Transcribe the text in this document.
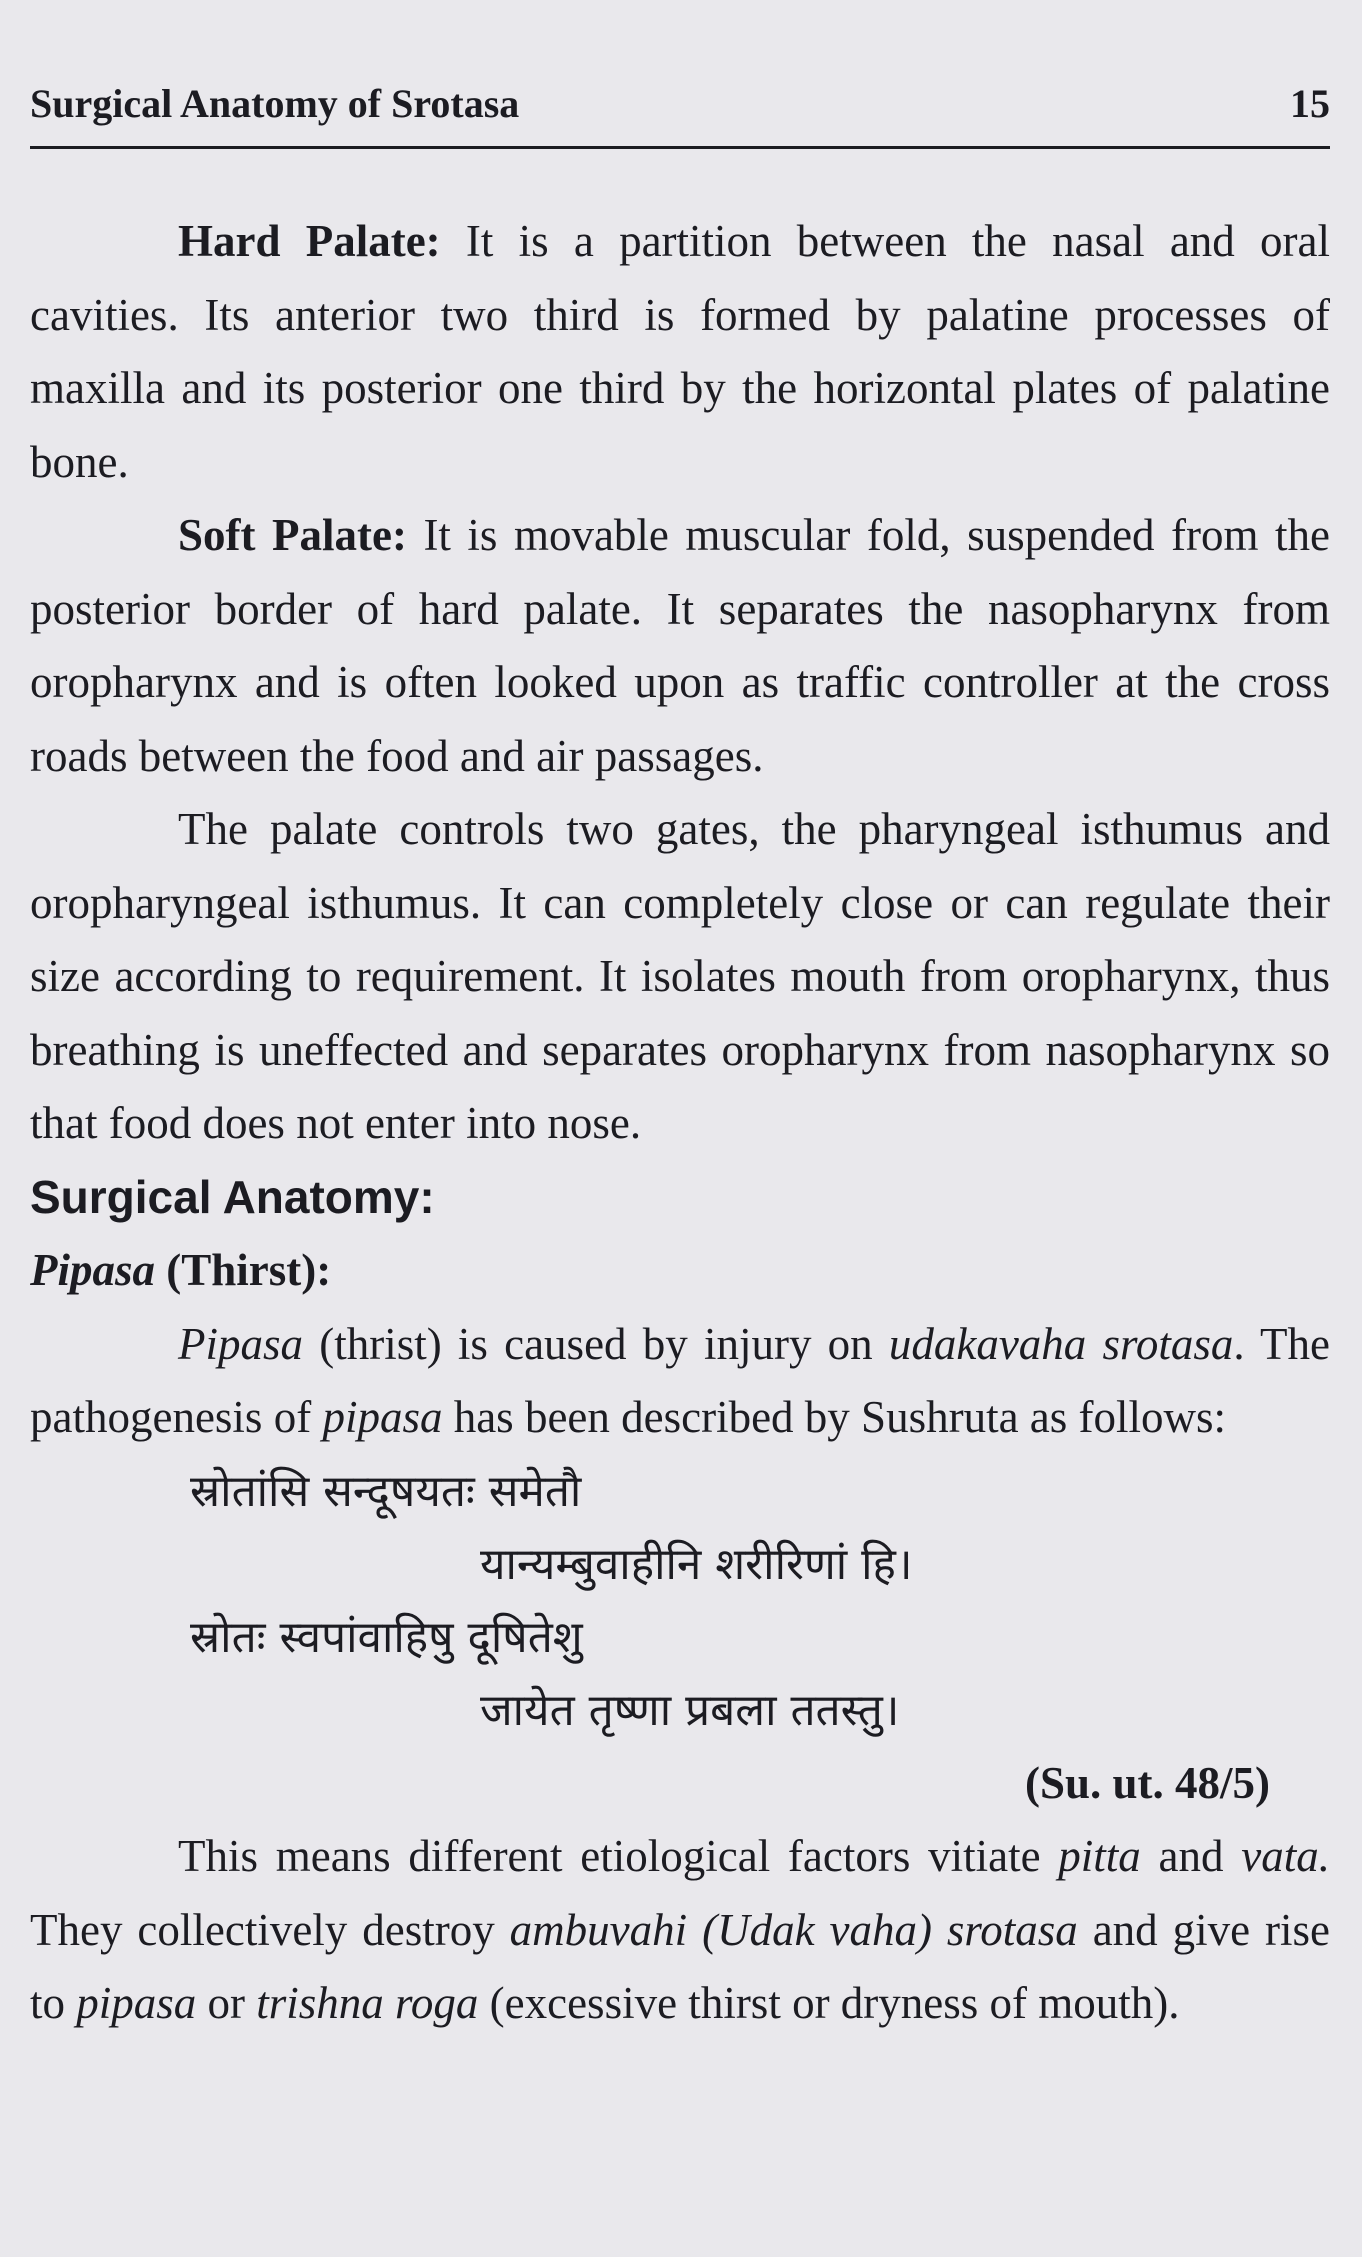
Surgical Anatomy of Srotasa	15

Hard Palate: It is a partition between the nasal and oral cavities. Its anterior two third is formed by palatine processes of maxilla and its posterior one third by the horizontal plates of palatine bone.

Soft Palate: It is movable muscular fold, suspended from the posterior border of hard palate. It separates the nasopharynx from oropharynx and is often looked upon as traffic controller at the cross roads between the food and air passages.

The palate controls two gates, the pharyngeal isthumus and oropharyngeal isthumus. It can completely close or can regulate their size according to requirement. It isolates mouth from oropharynx, thus breathing is uneffected and separates oropharynx from nasopharynx so that food does not enter into nose.

Surgical Anatomy:

Pipasa (Thirst):

Pipasa (thrist) is caused by injury on udakavaha srotasa. The pathogenesis of pipasa has been described by Sushruta as follows:

स्रोतांसि सन्दूषयतः समेतौ
यान्यम्बुवाहीनि शरीरिणां हि।
स्रोतः स्वपांवाहिषु दूषितेशु
जायेत तृष्णा प्रबला ततस्तु।

(Su. ut. 48/5)

This means different etiological factors vitiate pitta and vata. They collectively destroy ambuvahi (Udak vaha) srotasa and give rise to pipasa or trishna roga (excessive thirst or dryness of mouth).
